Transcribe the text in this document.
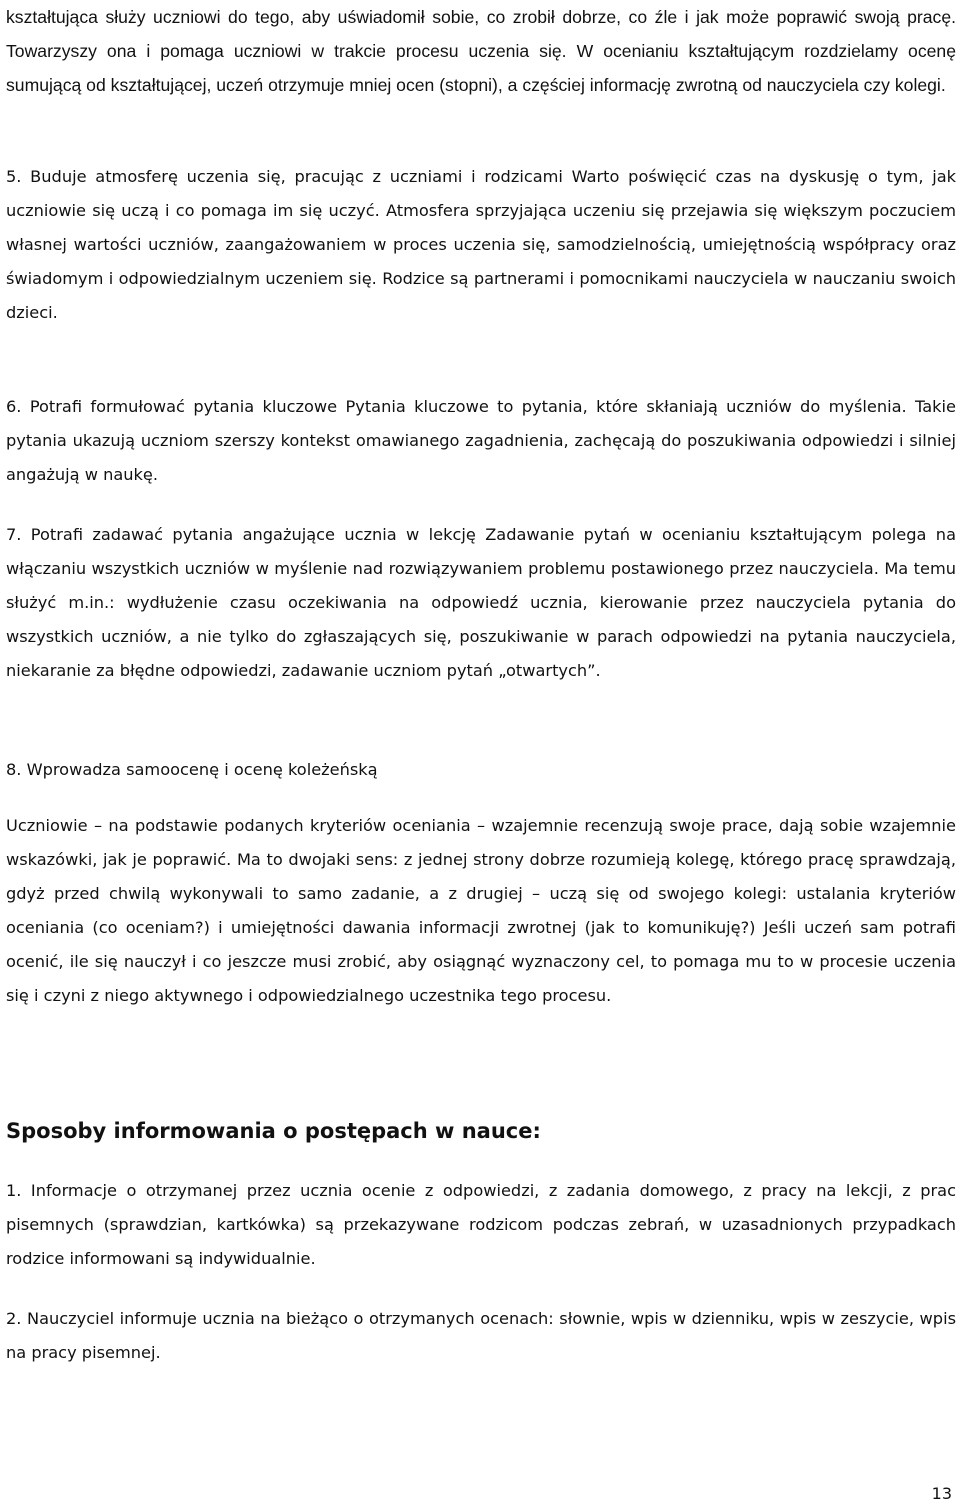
kształtująca służy uczniowi do tego, aby uświadomił sobie, co zrobił dobrze, co źle i jak może poprawić swoją pracę. Towarzyszy ona i pomaga uczniowi w trakcie procesu uczenia się. W ocenianiu kształtującym rozdzielamy ocenę sumującą od kształtującej, uczeń otrzymuje mniej ocen (stopni), a częściej informację zwrotną od nauczyciela czy kolegi.

5. Buduje atmosferę uczenia się, pracując z uczniami i rodzicami Warto poświęcić czas na dyskusję o tym, jak uczniowie się uczą i co pomaga im się uczyć. Atmosfera sprzyjająca uczeniu się przejawia się większym poczuciem własnej wartości uczniów, zaangażowaniem w proces uczenia się, samodzielnością, umiejętnością współpracy oraz świadomym i odpowiedzialnym uczeniem się. Rodzice są partnerami i pomocnikami nauczyciela w nauczaniu swoich dzieci.

6. Potrafi formułować pytania kluczowe Pytania kluczowe to pytania, które skłaniają uczniów do myślenia. Takie pytania ukazują uczniom szerszy kontekst omawianego zagadnienia, zachęcają do poszukiwania odpowiedzi i silniej angażują w naukę.

7. Potrafi zadawać pytania angażujące ucznia w lekcję Zadawanie pytań w ocenianiu kształtującym polega na włączaniu wszystkich uczniów w myślenie nad rozwiązywaniem problemu postawionego przez nauczyciela. Ma temu służyć m.in.: wydłużenie czasu oczekiwania na odpowiedź ucznia, kierowanie przez nauczyciela pytania do wszystkich uczniów, a nie tylko do zgłaszających się, poszukiwanie w parach odpowiedzi na pytania nauczyciela, niekaranie za błędne odpowiedzi, zadawanie uczniom pytań „otwartych”.

8. Wprowadza samoocenę i ocenę koleżeńską

Uczniowie – na podstawie podanych kryteriów oceniania – wzajemnie recenzują swoje prace, dają sobie wzajemnie wskazówki, jak je poprawić. Ma to dwojaki sens: z jednej strony dobrze rozumieją kolegę, którego pracę sprawdzają, gdyż przed chwilą wykonywali to samo zadanie, a z drugiej – uczą się od swojego kolegi: ustalania kryteriów oceniania (co oceniam?) i umiejętności dawania informacji zwrotnej (jak to komunikuję?) Jeśli uczeń sam potrafi ocenić, ile się nauczył i co jeszcze musi zrobić, aby osiągnąć wyznaczony cel, to pomaga mu to w procesie uczenia się i czyni z niego aktywnego i odpowiedzialnego uczestnika tego procesu.

Sposoby informowania o postępach w nauce:

1. Informacje o otrzymanej przez ucznia ocenie z odpowiedzi, z zadania domowego, z pracy na lekcji, z prac pisemnych (sprawdzian, kartkówka) są przekazywane rodzicom podczas zebrań, w uzasadnionych przypadkach rodzice informowani są indywidualnie.

2. Nauczyciel informuje ucznia na bieżąco o otrzymanych ocenach: słownie, wpis w dzienniku, wpis w zeszycie, wpis na pracy pisemnej.

13
